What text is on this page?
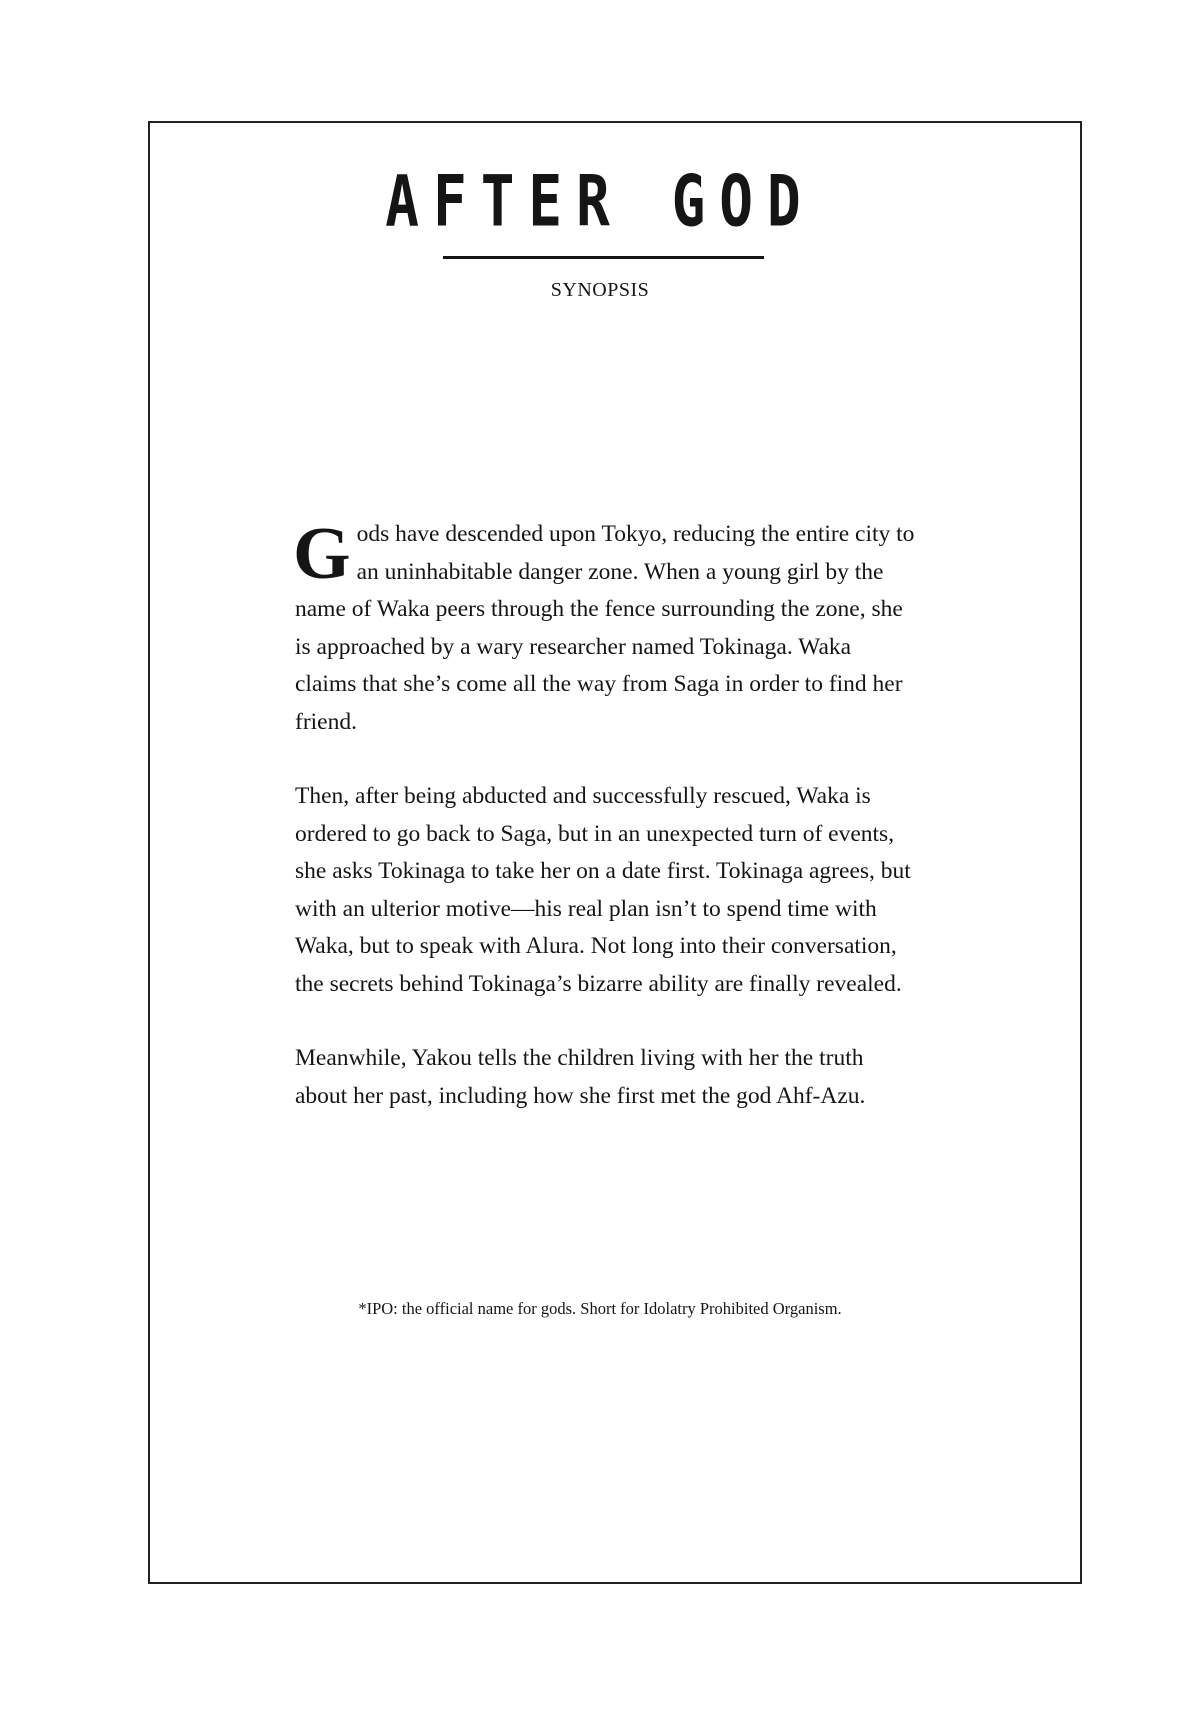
AFTER GOD
SYNOPSIS

Gods have descended upon Tokyo, reducing the entire city to an uninhabitable danger zone. When a young girl by the name of Waka peers through the fence surrounding the zone, she is approached by a wary researcher named Tokinaga. Waka claims that she’s come all the way from Saga in order to find her friend.

Then, after being abducted and successfully rescued, Waka is ordered to go back to Saga, but in an unexpected turn of events, she asks Tokinaga to take her on a date first. Tokinaga agrees, but with an ulterior motive—his real plan isn’t to spend time with Waka, but to speak with Alura. Not long into their conversation, the secrets behind Tokinaga’s bizarre ability are finally revealed.

Meanwhile, Yakou tells the children living with her the truth about her past, including how she first met the god Ahf-Azu.

*IPO: the official name for gods. Short for Idolatry Prohibited Organism.
